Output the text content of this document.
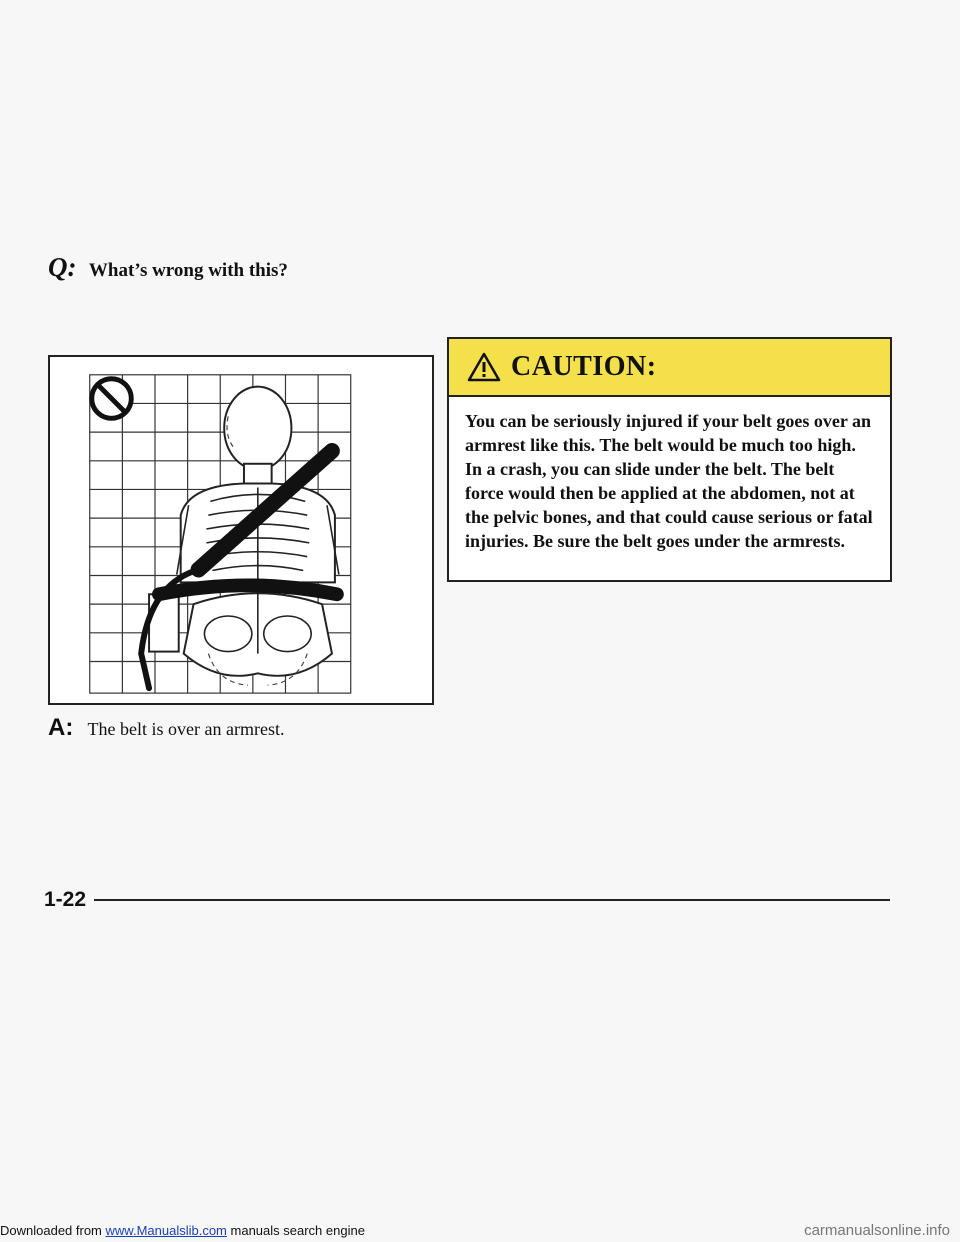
Q: What’s wrong with this?
A: The belt is over an armrest.
CAUTION:
You can be seriously injured if your belt goes over an armrest like this. The belt would be much too high. In a crash, you can slide under the belt. The belt force would then be applied at the abdomen, not at the pelvic bones, and that could cause serious or fatal injuries. Be sure the belt goes under the armrests.
1-22
Downloaded from www.Manualslib.com manuals search engine	carmanualsonline.info
